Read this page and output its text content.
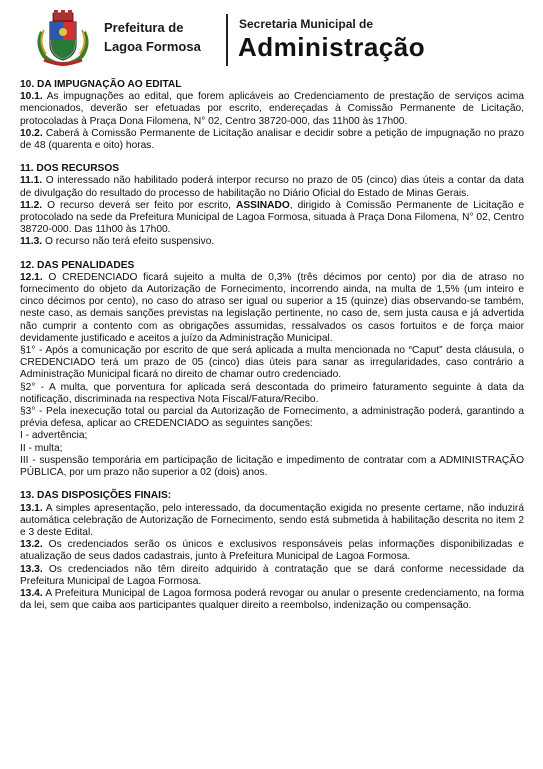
Prefeitura de
Lagoa Formosa
Secretaria Municipal de
Administração

10. DA IMPUGNAÇÃO AO EDITAL

10.1. As impugnações ao edital, que forem aplicáveis ao Credenciamento de prestação de serviços acima mencionados, deverão ser efetuadas por escrito, endereçadas à Comissão Permanente de Licitação, protocoladas à Praça Dona Filomena, N° 02, Centro 38720-000, das 11h00 às 17h00.

10.2. Caberá à Comissão Permanente de Licitação analisar e decidir sobre a petição de impugnação no prazo de 48 (quarenta e oito) horas.

11. DOS RECURSOS

11.1. O interessado não habilitado poderá interpor recurso no prazo de 05 (cinco) dias úteis a contar da data de divulgação do resultado do processo de habilitação no Diário Oficial do Estado de Minas Gerais.

11.2. O recurso deverá ser feito por escrito, ASSINADO, dirigido à Comissão Permanente de Licitação e protocolado na sede da Prefeitura Municipal de Lagoa Formosa, situada à Praça Dona Filomena, N° 02, Centro 38720-000. Das 11h00 às 17h00.

11.3. O recurso não terá efeito suspensivo.

12. DAS PENALIDADES

12.1. O CREDENCIADO ficará sujeito a multa de 0,3% (três décimos por cento) por dia de atraso no fornecimento do objeto da Autorização de Fornecimento, incorrendo ainda, na multa de 1,5% (um inteiro e cinco décimos por cento), no caso do atraso ser igual ou superior a 15 (quinze) dias observando-se também, neste caso, as demais sanções previstas na legislação pertinente, no caso de, sem justa causa e já advertida não cumprir a contento com as obrigações assumidas, ressalvados os casos fortuitos e de força maior devidamente justificado e aceitos a juízo da Administração Municipal.

§1° - Após a comunicação por escrito de que será aplicada a multa mencionada no “Caput” desta cláusula, o CREDENCIADO terá um prazo de 05 (cinco) dias úteis para sanar as irregularidades, caso contrário a Administração Municipal ficará no direito de chamar outro credenciado.

§2° - A multa, que porventura for aplicada será descontada do primeiro faturamento seguinte à data da notificação, discriminada na respectiva Nota Fiscal/Fatura/Recibo.

§3° - Pela inexecução total ou parcial da Autorização de Fornecimento, a administração poderá, garantindo a prévia defesa, aplicar ao CREDENCIADO as seguintes sanções:

I - advertência;

II - multa;

III - suspensão temporária em participação de licitação e impedimento de contratar com a ADMINISTRAÇÃO PÚBLICA, por um prazo não superior a 02 (dois) anos.

13. DAS DISPOSIÇÕES FINAIS:

13.1. A simples apresentação, pelo interessado, da documentação exigida no presente certame, não induzirá automática celebração de Autorização de Fornecimento, sendo está submetida à habilitação descrita no item 2 e 3 deste Edital.

13.2. Os credenciados serão os únicos e exclusivos responsáveis pelas informações disponibilizadas e atualização de seus dados cadastrais, junto à Prefeitura Municipal de Lagoa Formosa.

13.3. Os credenciados não têm direito adquirido à contratação que se dará conforme necessidade da Prefeitura Municipal de Lagoa Formosa.

13.4. A Prefeitura Municipal de Lagoa formosa poderá revogar ou anular o presente credenciamento, na forma da lei, sem que caiba aos participantes qualquer direito a reembolso, indenização ou compensação.
